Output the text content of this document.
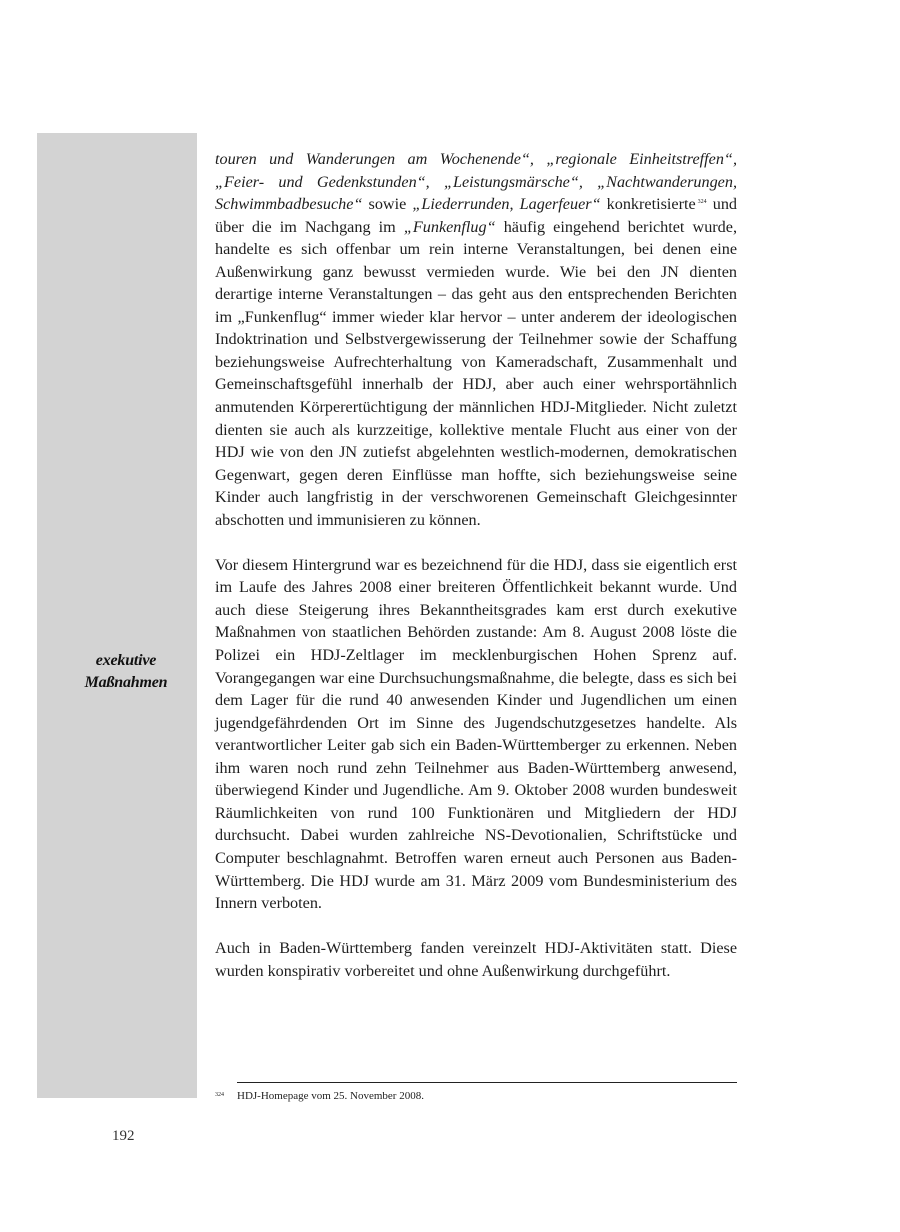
exekutive
Maßnahmen

touren und Wanderungen am Wochenende“, „regionale Einheitstreffen“, „Feier- und Gedenkstunden“, „Leistungsmärsche“, „Nachtwanderungen, Schwimmbadbesuche“ sowie „Liederrunden, Lagerfeuer“ konkretisierte $^{324}$ und über die im Nachgang im „Funkenflug“ häufig eingehend berichtet wurde, handelte es sich offenbar um rein interne Veranstaltungen, bei denen eine Außenwirkung ganz bewusst vermieden wurde. Wie bei den JN dienten derartige interne Veranstaltungen – das geht aus den entsprechenden Berichten im „Funkenflug“ immer wieder klar hervor – unter anderem der ideologischen Indoktrination und Selbstvergewisserung der Teilnehmer sowie der Schaffung beziehungsweise Aufrechterhaltung von Kameradschaft, Zusammenhalt und Gemeinschaftsgefühl innerhalb der HDJ, aber auch einer wehrsportähnlich anmutenden Körperertüchtigung der männlichen HDJ-Mitglieder. Nicht zuletzt dienten sie auch als kurzzeitige, kollektive mentale Flucht aus einer von der HDJ wie von den JN zutiefst abgelehnten westlich-modernen, demokratischen Gegenwart, gegen deren Einflüsse man hoffte, sich beziehungsweise seine Kinder auch langfristig in der verschworenen Gemeinschaft Gleichgesinnter abschotten und immunisieren zu können.

Vor diesem Hintergrund war es bezeichnend für die HDJ, dass sie eigentlich erst im Laufe des Jahres 2008 einer breiteren Öffentlichkeit bekannt wurde. Und auch diese Steigerung ihres Bekanntheitsgrades kam erst durch exekutive Maßnahmen von staatlichen Behörden zustande: Am 8. August 2008 löste die Polizei ein HDJ-Zeltlager im mecklenburgischen Hohen Sprenz auf. Vorangegangen war eine Durchsuchungsmaßnahme, die belegte, dass es sich bei dem Lager für die rund 40 anwesenden Kinder und Jugendlichen um einen jugendgefährdenden Ort im Sinne des Jugendschutzgesetzes handelte. Als verantwortlicher Leiter gab sich ein Baden-Württemberger zu erkennen. Neben ihm waren noch rund zehn Teilnehmer aus Baden-Württemberg anwesend, überwiegend Kinder und Jugendliche. Am 9. Oktober 2008 wurden bundesweit Räumlichkeiten von rund 100 Funktionären und Mitgliedern der HDJ durchsucht. Dabei wurden zahlreiche NS-Devotionalien, Schriftstücke und Computer beschlagnahmt. Betroffen waren erneut auch Personen aus Baden-Württemberg. Die HDJ wurde am 31. März 2009 vom Bundesministerium des Innern verboten.

Auch in Baden-Württemberg fanden vereinzelt HDJ-Aktivitäten statt. Diese wurden konspirativ vorbereitet und ohne Außenwirkung durchgeführt.

324 HDJ-Homepage vom 25. November 2008.
192
